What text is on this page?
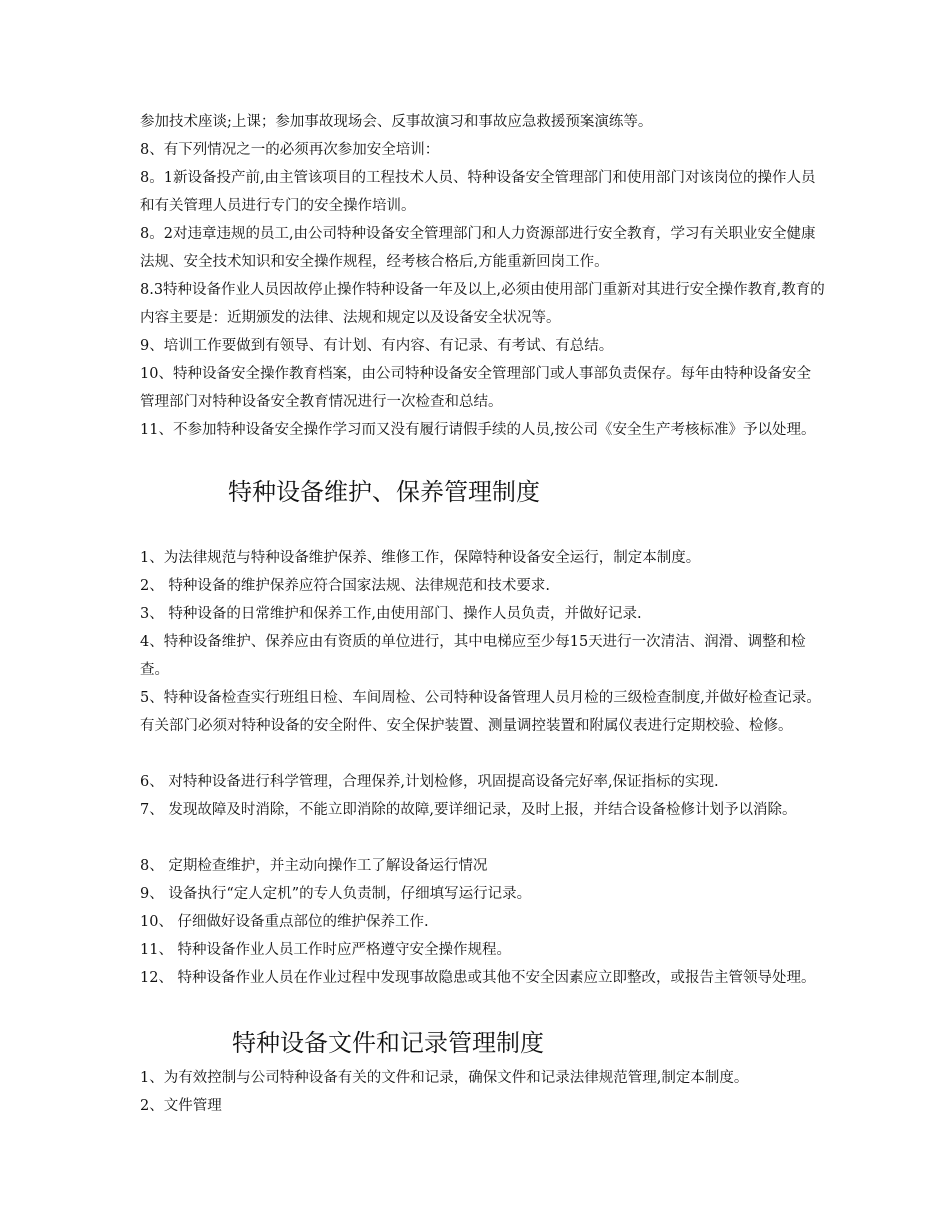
参加技术座谈;上课；参加事故现场会、反事故演习和事故应急救援预案演练等。

8、有下列情况之一的必须再次参加安全培训：

8。1新设备投产前,由主管该项目的工程技术人员、特种设备安全管理部门和使用部门对该岗位的操作人员和有关管理人员进行专门的安全操作培训。

8。2对违章违规的员工,由公司特种设备安全管理部门和人力资源部进行安全教育，学习有关职业安全健康法规、安全技术知识和安全操作规程，经考核合格后,方能重新回岗工作。

8.3特种设备作业人员因故停止操作特种设备一年及以上,必须由使用部门重新对其进行安全操作教育,教育的内容主要是：近期颁发的法律、法规和规定以及设备安全状况等。

9、培训工作要做到有领导、有计划、有内容、有记录、有考试、有总结。

10、特种设备安全操作教育档案，由公司特种设备安全管理部门或人事部负责保存。每年由特种设备安全管理部门对特种设备安全教育情况进行一次检查和总结。

11、不参加特种设备安全操作学习而又没有履行请假手续的人员,按公司《安全生产考核标准》予以处理。

特种设备维护、保养管理制度

1、为法律规范与特种设备维护保养、维修工作，保障特种设备安全运行，制定本制度。

2、 特种设备的维护保养应符合国家法规、法律规范和技术要求.

3、 特种设备的日常维护和保养工作,由使用部门、操作人员负责，并做好记录.

4、特种设备维护、保养应由有资质的单位进行，其中电梯应至少每15天进行一次清洁、润滑、调整和检查。

5、特种设备检查实行班组日检、车间周检、公司特种设备管理人员月检的三级检查制度,并做好检查记录。有关部门必须对特种设备的安全附件、安全保护装置、测量调控装置和附属仪表进行定期校验、检修。

6、 对特种设备进行科学管理，合理保养,计划检修，巩固提高设备完好率,保证指标的实现.

7、 发现故障及时消除，不能立即消除的故障,要详细记录，及时上报，并结合设备检修计划予以消除。

8、 定期检查维护，并主动向操作工了解设备运行情况

9、 设备执行“定人定机”的专人负责制，仔细填写运行记录。

10、 仔细做好设备重点部位的维护保养工作.

11、 特种设备作业人员工作时应严格遵守安全操作规程。

12、 特种设备作业人员在作业过程中发现事故隐患或其他不安全因素应立即整改，或报告主管领导处理。

特种设备文件和记录管理制度

1、为有效控制与公司特种设备有关的文件和记录，确保文件和记录法律规范管理,制定本制度。

2、文件管理
